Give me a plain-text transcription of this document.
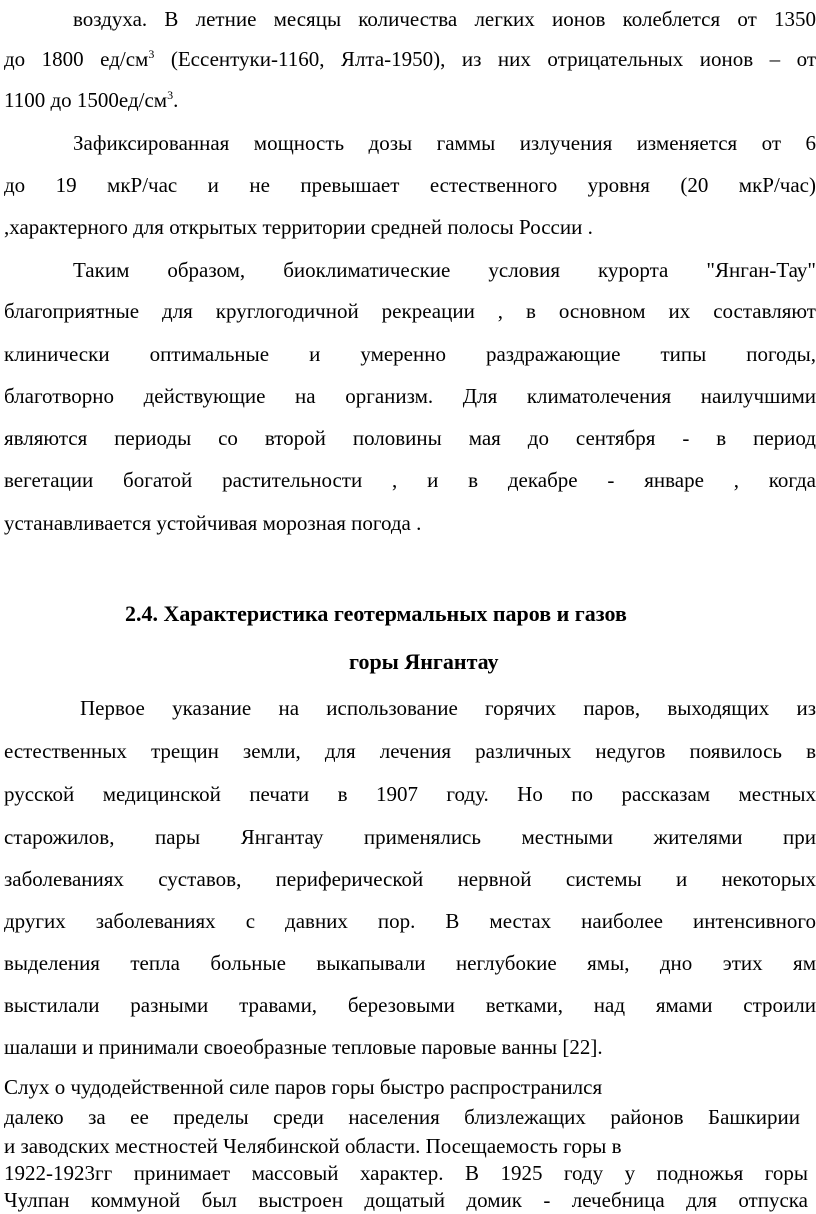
воздуха. В летние месяцы количества легких ионов колеблется от 1350
до 1800 $ед/см^3$ (Ессентуки-1160, Ялта-1950), из них отрицательных ионов – от
1100 до $1500ед/см^3$.
Зафиксированная мощность дозы гаммы излучения изменяется от 6
до 19 мкР/час и не превышает естественного уровня (20 мкР/час)
,характерного для открытых территории средней полосы России .
Таким образом, биоклиматические условия курорта "Янган-Тау"
благоприятные для круглогодичной рекреации , в основном их составляют
клинически оптимальные и умеренно раздражающие типы погоды,
благотворно действующие на организм. Для климатолечения наилучшими
являются периоды со второй половины мая до сентября - в период
вегетации богатой растительности , и в декабре - январе , когда
устанавливается устойчивая морозная погода .
2.4. Характеристика геотермальных паров и газов
горы Янгантау
Первое указание на использование горячих паров, выходящих из
естественных трещин земли, для лечения различных недугов появилось в
русской медицинской печати в 1907 году. Но по рассказам местных
старожилов, пары Янгантау применялись местными жителями при
заболеваниях суставов, периферической нервной системы и некоторых
других заболеваниях с давних пор. В местах наиболее интенсивного
выделения тепла больные выкапывали неглубокие ямы, дно этих ям
выстилали разными травами, березовыми ветками, над ямами строили
шалаши и принимали своеобразные тепловые паровые ванны [22].
Слух о чудодейственной силе паров горы быстро распространился
далеко за ее пределы среди населения близлежащих районов Башкирии
и заводских местностей Челябинской области. Посещаемость горы в
1922-1923гг принимает массовый характер. В 1925 году у подножья горы
Чулпан коммуной был выстроен дощатый домик - лечебница для отпуска
